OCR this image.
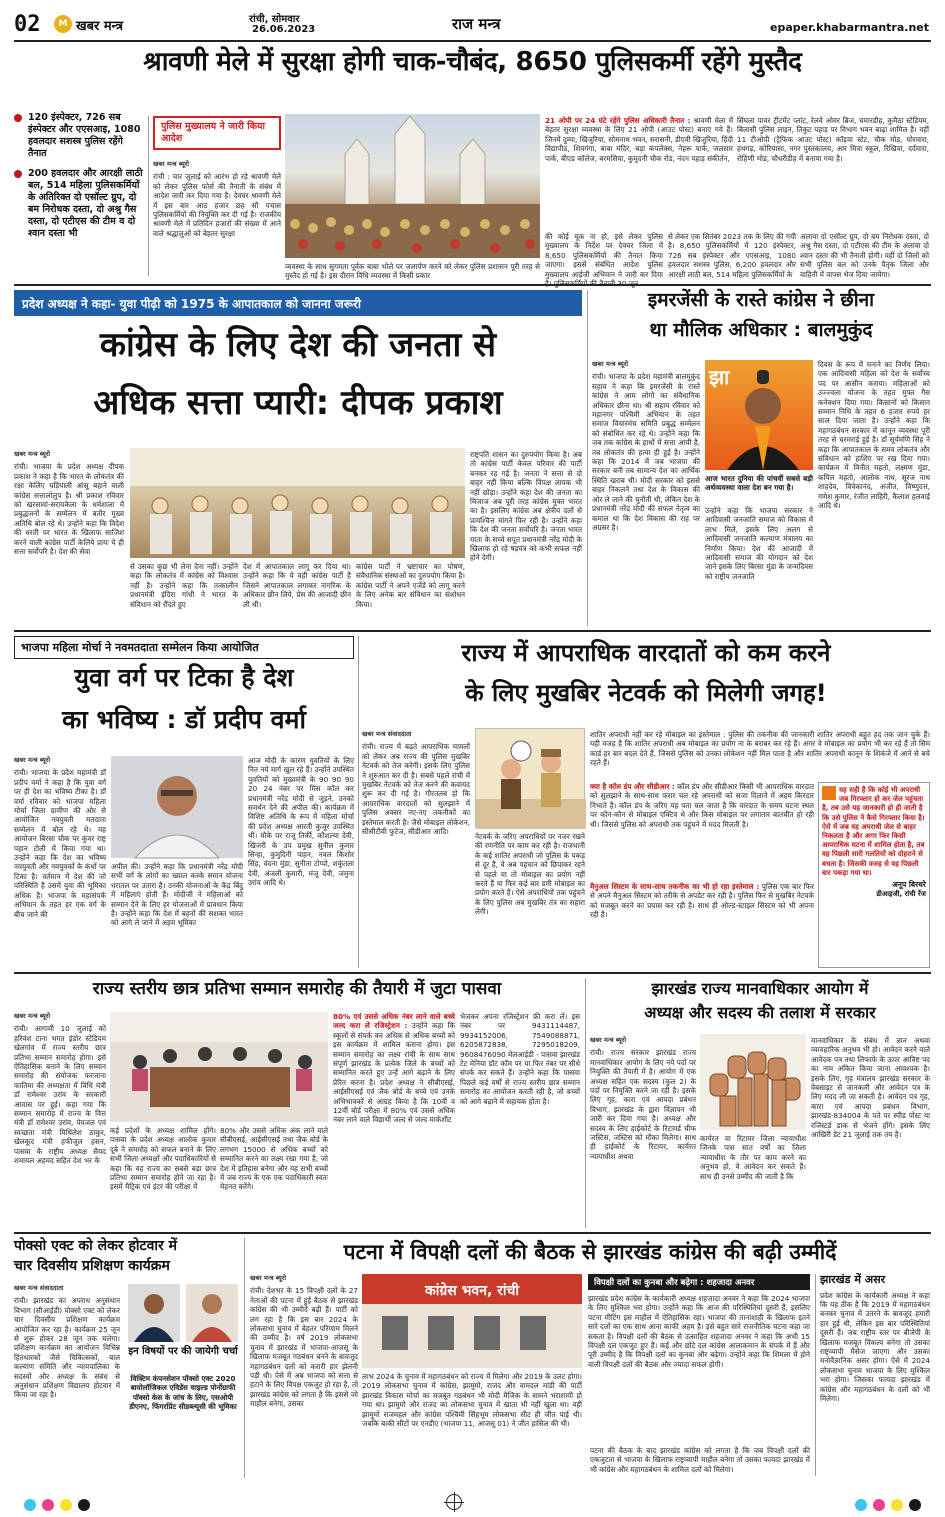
02	M खबर मन्त्र	रांची, सोमवार
26.06.2023	राज मन्त्र	epaper.khabarmantra.net
श्रावणी मेले में सुरक्षा होगी चाक-चौबंद, 8650 पुलिसकर्मी रहेंगे मुस्तैद
120 इंस्पेक्टर, 726 सब इंस्पेक्टर और एएसआइ, 1080 हवलदार सशस्त्र पुलिस रहेंगे तैनात
200 हवलदार और आरक्षी लाठी बल, 514 महिला पुलिसकर्मियों के अतिरिक्त दो एसॉल्ट ग्रुप, दो बम निरोधक दस्ता, दो अश्रु गैस दस्ता, दो एटीएस की टीम व दो श्वान दस्ता भी
पुलिस मुख्यालय ने जारी किया आदेश
खबर मन्त्र ब्यूरो

रांची : चार जुलाई को आरंभ हो रहे श्रावणी मेले को लेकर पुलिस फोर्स की तैनाती के संबंध में आदेश जारी कर दिया गया है। देवघर श्रावणी मेले में इस बार आठ हजार छह सौ पचास पुलिसकर्मियों की नियुक्ति कर दी गई है। राजकीय श्रावणी मेले में प्रतिदिन हजारों की संख्या में आने वाले श्रद्धालुओं को बेहतर सुरक्षा

व्यवस्था के साथ सुगमता पूर्वक बाबा भोले पर जलार्पण करने को लेकर पुलिस प्रशासन पूरी तरह से मुस्तैद हो गई है। इस दौरान विधि व्यवस्था में किसी प्रकार
21 ओपी पर 24 घंटे रहेंगे पुलिस अधिकारी तैनात : श्रावणी मेला में बेहतर सुरक्षा व्यवस्था के लिए 21 ओपी (आउट पोस्ट) बनाए गये हैं। जिनमें दुम्मा, खिजुरिया, सोमनाथ भवन, सरासनी, डीएवी खिजुरिया, हिंदी विद्यापीठ, शिवगंगा, बाबा मंदिर, बड़ा कंपलेक्स, नेहरू पार्क, जलसार पार्क, बीएड कॉलेज, बरमसिया, कुमुदनी चौक रोड, नंदन पहाड़ संकीर्तन,
सिंघला पावर ट्रीटमेंट प्लांट, रेलवे ओवर ब्रिज, चमारडीह, कुमैठा स्टेडियम, बिलासी पुलिस लाइन, तिकुट पहाड़ पर विभाग भवन बाढ़ा शामिल है। वहीं 11 टीओपी (ट्रैफिक आउट पोस्ट) कॉइया स्टेट, चौक मोड़, घोरमारा, हथगढ़, कोरियासा, नगर पुस्तकालय, आर मित्रा स्कूल, रिखिया, दर्दमारा, रोहिणी मोड़, चौधरीडीह में बनाया गया है।
की कोई चूक ना हो, इसे लेकर पुलिस मुख्यालय के निर्देश पर देवघर जिला में 8,650 पुलिसकर्मियों की तैनात किया जाएगा। इससे संबंधित आदेश पुलिस मुख्यालय आईजी अभियान ने जारी कर दिया
से लेकर एक सितंबर 2023 तक के लिए की गयी है। 8,650 पुलिसकर्मियों में 120 इंस्पेक्टर, 726 सब इंस्पेक्टर और एएसआइ, 1080 हवलदार सशस्त्र पुलिस, 6,200 हवलदार और आरक्षी लाठी बल, 514 महिला पुलिसकर्मियों के
अलावा दो एसॉल्ट ग्रुप, दो बम निरोधक दस्ता, दो अश्रु गैस दस्ता, दो एटीएस की टीम के अलावा दो श्वान दस्ता की भी तैनाती होगी। वहीं दो जिलों को सभी पुलिस बल को उनके पैतृक जिला और वाहिनी में वापस भेज दिया जायेगा।
प्रदेश अध्यक्ष ने कहा- युवा पीढ़ी को 1975 के आपातकाल को जानना जरूरी
कांग्रेस के लिए देश की जनता से
अधिक सत्ता प्यारी: दीपक प्रकाश
खबर मन्त्र ब्यूरो

रांची। भाजपा के प्रदेश अध्यक्ष दीपक प्रकाश ने कहा है कि भारत के लोकतंत्र की रक्षा केलिए घड़ियाली आंसू बहाने वाली कांग्रेस सत्तालोलुप है। श्री प्रकाश रविवार को खरसावां-सरायकेला के धर्मशाला में प्रबुद्धजनों के सम्मेलन में बतौर मुख्य अतिथि बोल रहे थे। उन्होंने कहा कि विदेश की धरती पर भारत के खिलाफ साजिश करने वाली कांग्रेस पार्टी केलिये प्रायः ये ही सत्ता सर्वोपरि है। देश की सेवा

से उसका कुछ भी लेना देना नहीं। उन्होंने कहा कि लोकतंत्र में कांग्रेस को विश्वास नहीं है। उन्होंने कहा कि तत्कालीन प्रधानमंत्री इंदिरा गांधी ने भारत के संविधान को रौंदते हुए
देश में आपातकाल लागू कर दिया था। उन्होंने कहा कि ये वही कांग्रेस पार्टी है जिसने आपातकाल लगाकर नागरिक के अधिकार छीन लिये, प्रेस की आजादी छीन ली थी।
कांग्रेस पार्टी ने भ्रष्टाचार का पोषण, संवैधानिक संस्थाओं का दुरुपयोग किया है। कांग्रेस पार्टी ने अपने एजेंडे को लागू करने के लिए अनेक बार संविधान का संशोधन किया।
राष्ट्रपति शासन का दुरुपयोग किया है। अब तो कांग्रेस पार्टी केवल परिवार की पार्टी बनकर रह गई है। जनता ने सत्ता से दो बाहर नहीं किया बल्कि विपक्ष लायक भी नहीं छोड़ा। उन्होंने कहा देश की जनता का मिजाज अब पूरी तरह कांग्रेस मुक्त भारत का है। इसलिए कांग्रेस अब क्षेत्रीय दलों से प्रायश्चित्त मांगते फिर रही है। उन्होंने कहा कि देश की जनता सर्वोपरि है। जनता भारत माता के सच्चे सपूत प्रधानमंत्री नरेंद्र मोदी के खिलाफ हो रहे षड़यंत्र को कभी सफल नहीं होने देगी।
इमरजेंसी के रास्ते कांग्रेस ने छीना
था मौलिक अधिकार : बालमुकुंद
खबर मन्त्र ब्यूरो

रांची। भाजपा के प्रदेश महामंत्री बालमुकुंद सहाय ने कहा कि इमरजेंसी के रास्ते कांग्रेस ने आम लोगों का संवैधानिक अधिकार छीना था। श्री सहाय रविवार को महानगर पश्चिमी अभियान के तहत समाज विचारमंच समिति प्रबुद्ध सम्मेलन को संबोधित कर रहे थे। उन्होंने कहा कि जब तक कांग्रेस के हाथों में सत्ता आयी है, तब लोकतंत्र की हत्या ही हुई है। उन्होंने कहा कि 2014 में जब भाजपा की सरकार बनी तब सामान्य देश का आर्थिक स्थिति खराब थी। मोदी सरकार को इससे बाहर निकलने तथा देश के विकास की ओर ले जाने की चुनौती थी, लेकिन देश के प्रधानमंत्री नरेंद्र मोदी की सफल नेतृत्व का कमाल था कि देश विकास की राह पर अग्रसर है।

झा
आज भारत दुनिया की पांचवीं सबसे बड़ी अर्थव्यवस्था वाला देश बन गया है।
उन्होंने कहा कि भाजपा सरकार ने आदिवासी जनजाति समाज को विकास में लाभ मिले, इसके लिए अलग से आदिवासी जनजाति कल्याण मंत्रालय का निर्माण किया। देश की आजादी में आदिवासी समाज की योगदान को देश जाने इसके लिए बिरसा मुंडा के जन्मदिवस को राष्ट्रीय जनजाति
दिवस के रूप में मनाने का निर्णय लिया। एक आदिवासी महिला को देश के सर्वोच्च पद पर आसीन कराया। महिलाओं को उज्ज्वला योजना के तहत मुफ्त गैस कनेक्शन दिया गया। किसानों को किसान सम्मान निधि के तहत 6 हजार रुपये हर साल दिया जाता है। उन्होंने कहा कि महागठबंधन सरकार में कानून व्यवस्था पूरी तरह से चरमराई हुई है। डॉ सूर्यमणि सिंह ने कहा कि आपातकाल के समय लोकतंत्र और संविधान को हाशिए पर रख दिया गया। कार्यक्रम में विनीत महतो, लक्ष्मण मुंडा, कपिल महतो, आलोक नाथ, सूरज नाथ शाहदेव, विवेकानंद, अजीत, विष्णुदत्त, गणेश कुमार, रंजीत लाहिरी, कैलाश हलवाई आदि थे।
भाजपा महिला मोर्चा ने नवमतदाता सम्मेलन किया आयोजित
युवा वर्ग पर टिका है देश
का भविष्य : डॉ प्रदीप वर्मा
खबर मन्त्र ब्यूरो

रांची। भाजपा के प्रदेश महामंत्री डॉ प्रदीप वर्मा ने कहा है कि युवा वर्ग पर ही देश का भविष्य टीका है। डॉ वर्मा रविवार को भाजपा महिला मोर्चा जिला ग्रामीण की ओर से आयोजित नवयुवती मतदाता सम्मेलन में बोल रहे थे। यह आयोजन बिरसा चौक पर कुंवर राष्ट्र पहान टोली में किया गया था। उन्होंने कहा कि देश का भविष्य नवयुवती और नवयुवकों के कंधों पर टिका है। वर्तमान में देश की जो परिस्थिति है उसमें युवा की भूमिका अधिक है। भाजपा के महासंपर्क अभियान के तहत हर एक वर्ग के बीच जाने की

अपील की। उन्होंने कहा कि प्रधानमंत्री नरेंद्र मोदी सभी वर्ग के लोगों का ख्याल करके समान योजना धरातल पर उतारा है। उनकी योजनाओं के केंद्र बिंदु में महिलाएं होती हैं। मोदीजी ने महिलाओं को सम्मान देने के लिए हर योजनाओं में प्रावधान किया है। उन्होंने कहा कि देश में बहनों की सशक्त भारत को आगे ले जाने में अहम भूमिका
आज मोदी के कारण युवतियों के लिए नित नये मार्ग खुल रहे हैं। उन्होंने उपस्थित युवतियों को मुख्यमंत्री के 90 90 90 20 24 नंबर पर मिस कॉल कर प्रधानमंत्री नरेंद्र मोदी से जुड़ने, उनको समर्थन देने की अपील की। कार्यक्रम में विशिष्ट अतिथि के रूप में महिला मोर्चा की प्रदेश अध्यक्ष आरती कुजूर उपस्थित थीं। मौके पर राजू तिर्की, कौशल्या देवी, खिजरी के उप प्रमुख सुनील कुमार सिन्हा, कुमुदिनी पाहन, नवल किशोर सिंह, वंदना मुंडा, सुनीता टोप्पो, शकुंतला देवी, अंजली कुमारी, मंजू देवी, जमुना उरांव आदि थे।
राज्य में आपराधिक वारदातों को कम करने
के लिए मुखबिर नेटवर्क को मिलेगी जगह!
खबर मन्त्र संवाददाता

रांची। राज्य में बढ़ते आपराधिक मामलों को लेकर अब राज्य की पुलिस मुखबिर नेटवर्क को तेज करेगी। इसके लिए पुलिस ने शुरुआत कर दी है। सबसे पहले रांची में मुखबिर नेटवर्क को तेज करने की कवायद शुरू कर दी गई है। गौरतलब हो कि आपराधिक वारदातों को सुलझाने में पुलिस अक्सर नए-नए तकनीकों का इस्तेमाल करती है। जैसे मोबाइल लोकेशन, सीसीटीवी फुटेज, सीडीआर आदि।

नेटवर्क के जरिए अपराधियों पर नजर रखने की रणनीति पर काम कर रही है। राजधानी के कई शातिर अपराधी जो पुलिस के पकड़ से दूर हैं, वे अब पहचान को छिपाकर रहने से पहले या तो मोबाइल का प्रयोग नहीं करते हैं या फिर कई बार डमी मोबाइल का प्रयोग करते हैं। ऐसे अपराधियों तक पहुंचने के लिए पुलिस अब मुखबिर तंत्र का सहारा लेगी।

शातिर अपराधी नहीं कर रहे मोबाइल का इस्तेमाल : पुलिस की तकनीक की जानकारी शातिर अपराधी बहुत हद तक जान चुके हैं। यही वजह है कि शातिर अपराधी अब मोबाइल का प्रयोग ना के बराबर कर रहे हैं। अगर वे मोबाइल का प्रयोग भी कर रहे हैं तो सिम कार्ड हर बार बदल देते हैं, जिससे पुलिस को उनका लोकेशन नहीं मिल पाता है और शातिर अपराधी कानून के शिकंजे में आने से बचे रहते हैं।

क्या है कॉल डंप और सीडीआर : कॉल डंप और सीडीआर किसी भी आपराधिक वारदात को सुलझाने के साथ-साथ फरार चल रहे अपराधी को सजा दिलाने में अहम किरदार निभाते हैं। कॉल डंप के जरिए यह पता चल जाता है कि वारदात के समय घटना स्थल पर कौन-कौन से मोबाइल एक्टिव थे और किस मोबाइल पर लगातार बातचीत हो रही थी। जिससे पुलिस को अपराधी तक पहुंचने में मदद मिलती है।
मैनुअल सिस्टम के साथ-साथ तकनीक का भी हो रहा इस्तेमाल : पुलिस एक बार फिर से अपने मैनुअल सिस्टम को तरीके से अपडेट कर रही है। पुलिस फिर से मुखबिर नेटवर्क को मजबूत करने का प्रयास कर रही है। साथ ही ओल्ड-स्टाइल सिस्टम को भी अपना रही है।
यह सही है कि कोई भी अपराधी जब गिरफ्तार हो कर जेल पहुंचता है, तब उसे यह जानकारी हो ही जाती है कि उसे पुलिस ने कैसे गिरफ्तार किया है। ऐसे में जब वह अपराधी जेल से बाहर निकलता है और अगर फिर किसी आपराधिक घटना में शामिल होता है, तब वह पिछली सारी गलतियों को दोहराने से बचता है। जिसकी वजह से वह पिछली बार पकड़ा गया था।
अनूप बिरथरे
डीआइजी, रांची रेंज
राज्य स्तरीय छात्र प्रतिभा सम्मान समारोह की तैयारी में जुटा पासवा
खबर मन्त्र ब्यूरो

रांची। आगामी 10 जुलाई को हरिवंश टाना भगत इंडोर स्टेडियम खेलगांव में राज्य स्तरीय छात्र प्रतिभा सम्मान समारोह होगा। इसे ऐतिहासिक बनाने के लिए सम्मान समारोह की संयोजक फरजाना फातिमा की अध्यक्षता में विधि मंत्री डॉ रामेश्वर उरांव के सरकारी आवास पर हुई। कहा गया कि सम्मान समारोह में राज्य के वित्त मंत्री डॉ रामेश्वर उरांव, पेयजल एवं स्वच्छता मंत्री मिथिलेश ठाकुर, खेलकूद मंत्री हफीजुल हसन, पासवा के राष्ट्रीय अध्यक्ष सैयद शमायल अहमद सहित देश भर के

कई प्रदेशों के अध्यक्ष शामिल होंगे। पासवा के प्रदेश अध्यक्ष आलोक कुमार दूबे ने समारोह को सफल बनाने के लिए सभी जिला अध्यक्षों और पदाधिकारियों से कहा कि वह राज्य का सबसे बड़ा छात्र प्रतिभा सम्मान समारोह होने जा रहा है। इसमें मैट्रिक एवं इंटर की परीक्षा में
80% और उससे अधिक अंक लाने वाले सीबीएसई, आईसीएसई तथा जैक बोर्ड के लगभग 15000 से अधिक बच्चों को सम्मानित करने का लक्ष्य रखा गया है, जो देश में इतिहास बनेगा और यह सभी बच्चों में जब राज्य के एक एक पदाधिकारी स्वतः मेहनत करेंगे।
80% एवं उससे अधिक नंबर लाने वाले बच्चे जल्द करा लें रजिस्ट्रेशन : उन्होंने कहा कि स्कूलों से संपर्क कर अधिक से अधिक बच्चों को इस कार्यक्रम में शामिल कराना होगा। इस सम्मान समारोह का लक्ष्य रांची के साथ साथ संपूर्ण झारखंड के प्रत्येक जिले के बच्चों को सम्मानित करते हुए उन्हें आगे बढ़ाने के लिए प्रेरित करना है। प्रदेश अध्यक्ष ने सीबीएसई, आईसीएसई एवं जैक बोर्ड के बच्चे एवं उनके अभिभावकों से आग्रह किया है कि 10वीं व 12वीं बोर्ड परीक्षा में 80% एवं उससे अधिक नंबर लाने वाले विद्यार्थी जल्द से जल्द मार्कशीट
भेजकर अपना रजिस्ट्रेशन फ्री करा लें। इस नंबर पर 9431114487, 9934152006, 7549088871, 6205872838, 7295018209, 9608476090 मेलआईडी - पासवा झारखंड टेट मेनिया डॉट कॉम पर या फिर नंबर पर सीधे संपर्क कर सकते हैं। उन्होंने कहा कि पासवा पिछले कई वर्षों से राज्य स्तरीय छात्र सम्मान समारोह का आयोजन करती रही है, जो बच्चों को आगे बढ़ाने में सहायक होता है।
झारखंड राज्य मानवाधिकार आयोग में
अध्यक्ष और सदस्य की तलाश में सरकार
खबर मन्त्र ब्यूरो

रांची। राज्य सरकार झारखंड राज्य मानवाधिकार आयोग के लिए नये पदों पर नियुक्ति की तैयारी में है। आयोग में एक अध्यक्ष सहित एक सदस्य (कुल 2) के पदों पर नियुक्ति करने जा रही है। इसके लिए गृह, कारा एवं आपदा प्रबंधन विभाग, झारखंड के द्वारा विज्ञापन भी जारी कर दिया गया है। अध्यक्ष और सदस्य के लिए हाईकोर्ट के रिटायर्ड चीफ जस्टिस, जस्टिस को मौका मिलेगा। साथ ही हाईकोर्ट के रिटायर, कार्यरत न्यायाधीश अथवा

कार्यरत या रिटायर जिला न्यायाधीश जिनके पास सात वर्षों का जिला न्यायाधीश के तौर पर काम करने का अनुभव हो, वे आवेदन कर सकते हैं। साथ ही उनसे उम्मीद की जाती है कि
मानवाधिकार के संबंध में ज्ञान अथवा व्यावहारिक अनुभव भी हो। आवेदन करने वाले आवेदक पत्र तथा लिफाफे के ऊपर आविष्ट पद का नाम अंकित किया जाना आवश्यक है। इसके लिए, गृह मंत्रालय झारखंड सरकार के वेबसाइट से जानकारी और आवेदन पत्र के लिए मदद ली जा सकती है। आवेदन पत्र गृह, कारा एवं आपदा प्रबंधन विभाग, झारखंड-834004 के पते पर स्पीड पोस्ट या रजिस्टर्ड डाक से भेजने होंगे। इसके लिए आखिरी डेट 21 जुलाई तक तय है।
पोक्सो एक्ट को लेकर होटवार में
चार दिवसीय प्रशिक्षण कार्यक्रम
खबर मन्त्र संवाददाता

रांची। झारखंड का अपराध अनुसंधान विभाग (सीआईडी) पोक्सो एक्ट को लेकर चार दिवसीय प्रशिक्षण कार्यक्रम आयोजित कर रहा है। कार्यक्रम 25 जून से शुरू होकर 28 जून तक चलेगा। प्रशिक्षण कार्यक्रम का आयोजन विभिन्न हितधारकों जैसे चिकित्सकों, बाल कल्याण समिति और न्यायपालिका के सदस्यों और अध्यक्ष के संबंध से अनुसंधान प्रशिक्षण विद्यालय होटवार में किया जा रहा है।

इन विषयों पर की जायेगी चर्चा
विक्टिम कंपनसेशन पॉक्सो एक्ट 2020 बायोलॉजिकल एविडेंस चाइल्ड पोर्नोग्राफी पॉक्सो केस के जांच के लिए, एसओपी डीएनए, फिंगरप्रिंट सीडब्ल्यूसी की भूमिका
पटना में विपक्षी दलों की बैठक से झारखंड कांग्रेस की बढ़ी उम्मीदें
खबर मन्त्र ब्यूरो

रांची। देशभर के 15 विपक्षी दलों के 27 नेताओं की पटना में हुई बैठक से झारखंड कांग्रेस की भी उम्मीदें बढ़ी हैं। पार्टी को लग रहा है कि इस बार 2024 के लोकसभा चुनाव में बेहतर परिणाम मिलने की उम्मीद है। वर्ष 2019 लोकसभा चुनाव में झारखंड में भाजपा-आजसू के खिलाफ मजबूत गठबंधन बनने के बावजूद महागठबंधन दलों को करारी हार झेलनी पड़ी थी। ऐसे में अब भाजपा को सत्ता से हटाने के लिए विपक्ष एकजुट हो रहा है, तो झारखंड कांग्रेस को लगता है कि इससे जो माहौल बनेगा, उसका

लाभ 2024 के चुनाव में महागठबंधन को राज्य में मिलेगा और 2019 के उलट होगा। 2019 लोकसभा चुनाव में कांग्रेस, झामुमो, राजद और वामदल मांडी की पार्टी झारखंड विकास मोर्चा का मजबूत गठबंधन भी मोदी मैजिक के सामने भराशायी हो गया था। झामुमो और राजद का लोकसभा चुनाव में खाता भी नहीं खुला था। वहीं झामुमो राजमहल और कांग्रेस पश्चिमी सिंहभूम लोकसभा सीट ही जीत पाई थी। जबकि बाकी सीटों पर एनडीए (भाजपा 11, आजसू 01) ने जीत हासिल की थी।
कांग्रेस भवन, रांची
पटना की बैठक के बाद झारखंड कांग्रेस को लगता है कि जब विपक्षी दलों की एकजुटता से भाजपा के खिलाफ राष्ट्रव्यापी माहौल बनेगा तो उसका फायदा झारखंड में भी कांग्रेस और महागठबंधन के शामिल दलों को मिलेगा।
विपक्षी दलों का कुनबा और बढ़ेगा : शहजादा अनवर
झारखंड प्रदेश कांग्रेस के कार्यकारी अध्यक्ष शहजादा अनवर ने कहा कि 2024 भाजपा के लिए मुश्किल भरा होगा। उन्होंने कहा कि आज की परिस्थितियां दूसरी हैं, इसलिए पटना मीटिंग इस माहौल में ऐतिहासिक रहा। भाजपा की तानाशाही के खिलाफ इतने सारे दलों का एक साथ आना काफी अहम है। इसे बहुत सारे राजनीतिक घटना कहा जा सकता है। विपक्षी दलों की बैठक से उत्साहित शहजादा अनवर ने कहा कि अभी 15 विपक्षी दल एकजुट हुए हैं। कई और छोटे दल कांग्रेस आलाकमान के संपर्क में हैं और पूरी उम्मीद है कि विपक्षी दलों का कुनबा और बढ़ेगा। उन्होंने कहा कि शिमला में होने वाली विपक्षी दलों की बैठक और ज्यादा सफल होगी।
झारखंड में असर
प्रदेश कांग्रेस के कार्यकारी अध्यक्ष ने कहा कि यह ठीक है कि 2019 में महागठबंधन बनकर चुनाव में उतरने के बावजूद हमारी हार हुई थी, लेकिन इस बार परिस्थितियां दूसरी हैं। जब राष्ट्रीय स्तर पर बीजेपी के खिलाफ मजबूत विकल्प बनेगा तो उसका राष्ट्रव्यापी मैसेज जाएगा और उसका मनोवैज्ञानिक असर होगा। ऐसे में 2024 लोकसभा चुनाव भाजपा के लिए मुश्किल भरा होगा। जिसका फायदा झारखंड में कांग्रेस और महागठबंधन के दलों को भी मिलेगा।
